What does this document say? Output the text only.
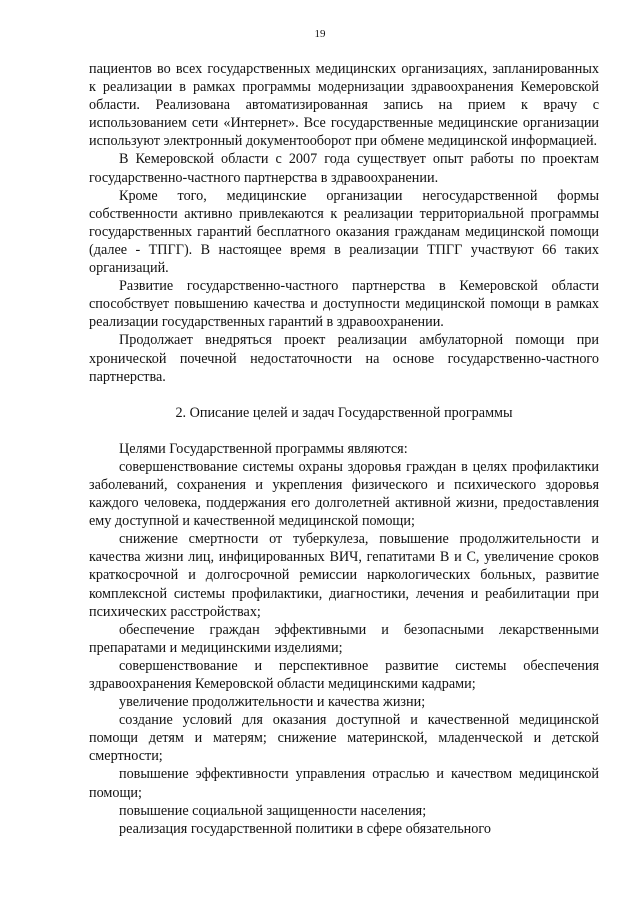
19

пациентов во всех государственных медицинских организациях, запланированных к реализации в рамках программы модернизации здравоохранения Кемеровской области. Реализована автоматизированная запись на прием к врачу с использованием сети «Интернет». Все государственные медицинские организации используют электронный документооборот при обмене медицинской информацией.

В Кемеровской области с 2007 года существует опыт работы по проектам государственно-частного партнерства в здравоохранении.

Кроме того, медицинские организации негосударственной формы собственности активно привлекаются к реализации территориальной программы государственных гарантий бесплатного оказания гражданам медицинской помощи (далее - ТПГГ). В настоящее время в реализации ТПГГ участвуют 66 таких организаций.

Развитие государственно-частного партнерства в Кемеровской области способствует повышению качества и доступности медицинской помощи в рамках реализации государственных гарантий в здравоохранении.

Продолжает внедряться проект реализации амбулаторной помощи при хронической почечной недостаточности на основе государственно-частного партнерства.

2. Описание целей и задач Государственной программы

Целями Государственной программы являются:

совершенствование системы охраны здоровья граждан в целях профилактики заболеваний, сохранения и укрепления физического и психического здоровья каждого человека, поддержания его долголетней активной жизни, предоставления ему доступной и качественной медицинской помощи;

снижение смертности от туберкулеза, повышение продолжительности и качества жизни лиц, инфицированных ВИЧ, гепатитами В и С, увеличение сроков краткосрочной и долгосрочной ремиссии наркологических больных, развитие комплексной системы профилактики, диагностики, лечения и реабилитации при психических расстройствах;

обеспечение граждан эффективными и безопасными лекарственными препаратами и медицинскими изделиями;

совершенствование и перспективное развитие системы обеспечения здравоохранения Кемеровской области медицинскими кадрами;

увеличение продолжительности и качества жизни;

создание условий для оказания доступной и качественной медицинской помощи детям и матерям; снижение материнской, младенческой и детской смертности;

повышение эффективности управления отраслью и качеством медицинской помощи;

повышение социальной защищенности населения;

реализация государственной политики в сфере обязательного
